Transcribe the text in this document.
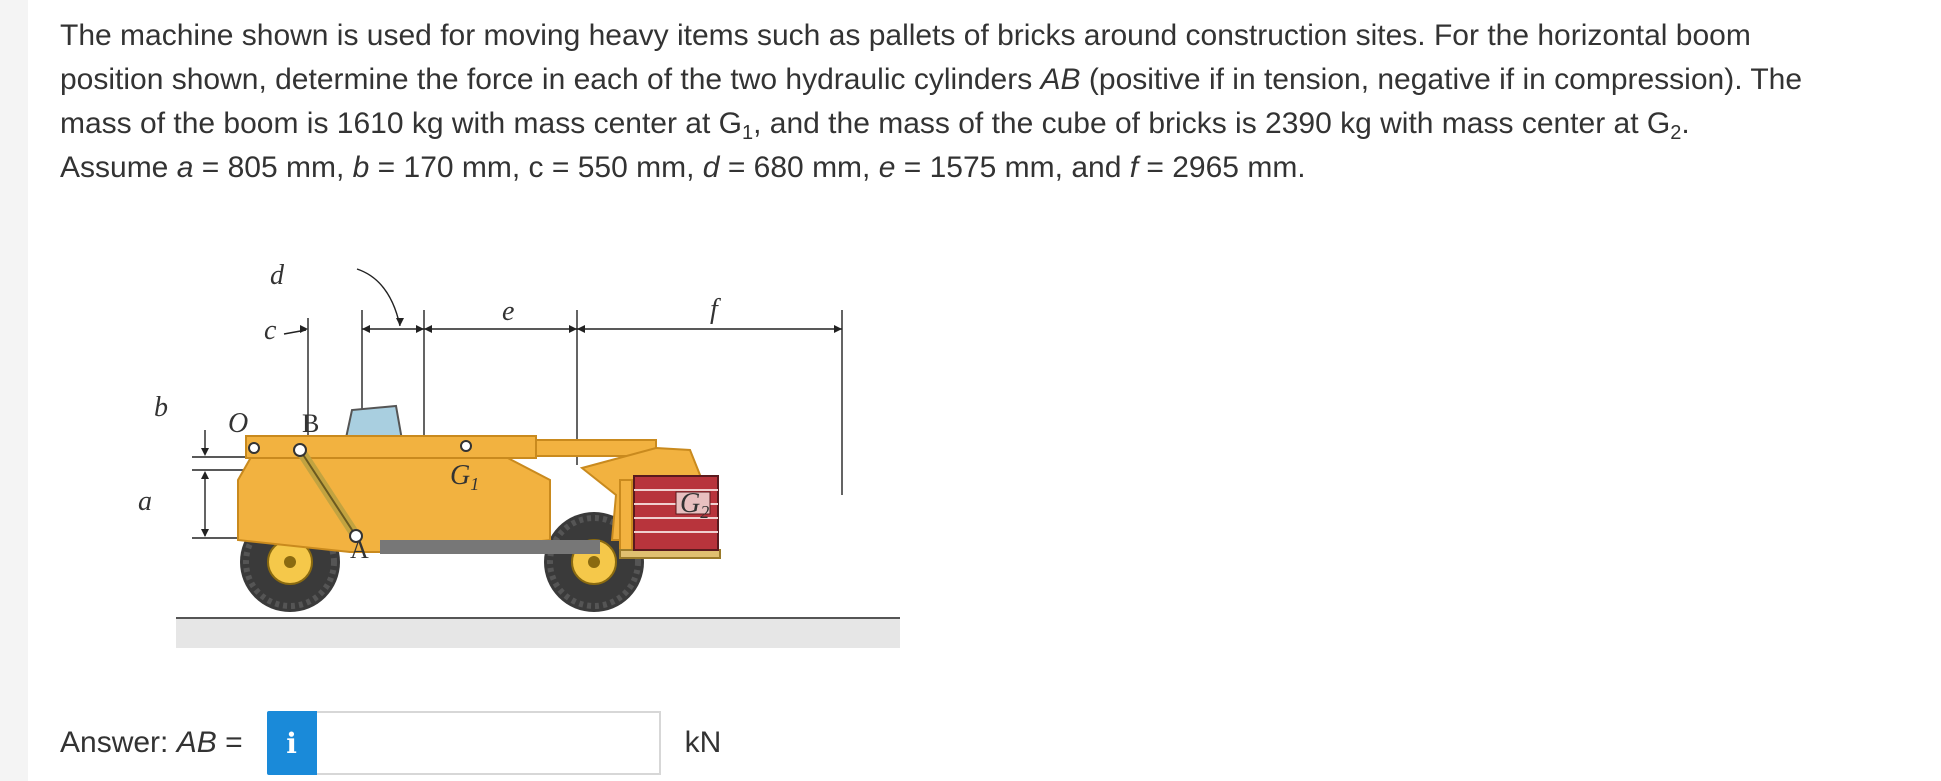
The machine shown is used for moving heavy items such as pallets of bricks around construction sites. For the horizontal boom

position shown, determine the force in each of the two hydraulic cylinders AB (positive if in tension, negative if in compression). The

mass of the boom is 1610 kg with mass center at $G_1$, and the mass of the cube of bricks is 2390 kg with mass center at $G_2$.

Assume a = 805 mm, b = 170 mm, c = 550 mm, d = 680 mm, e = 1575 mm, and f = 2965 mm.

c
d
e	f
b
a
O B
A
$G_1$
$G_2$
Answer: AB =	i	kN
